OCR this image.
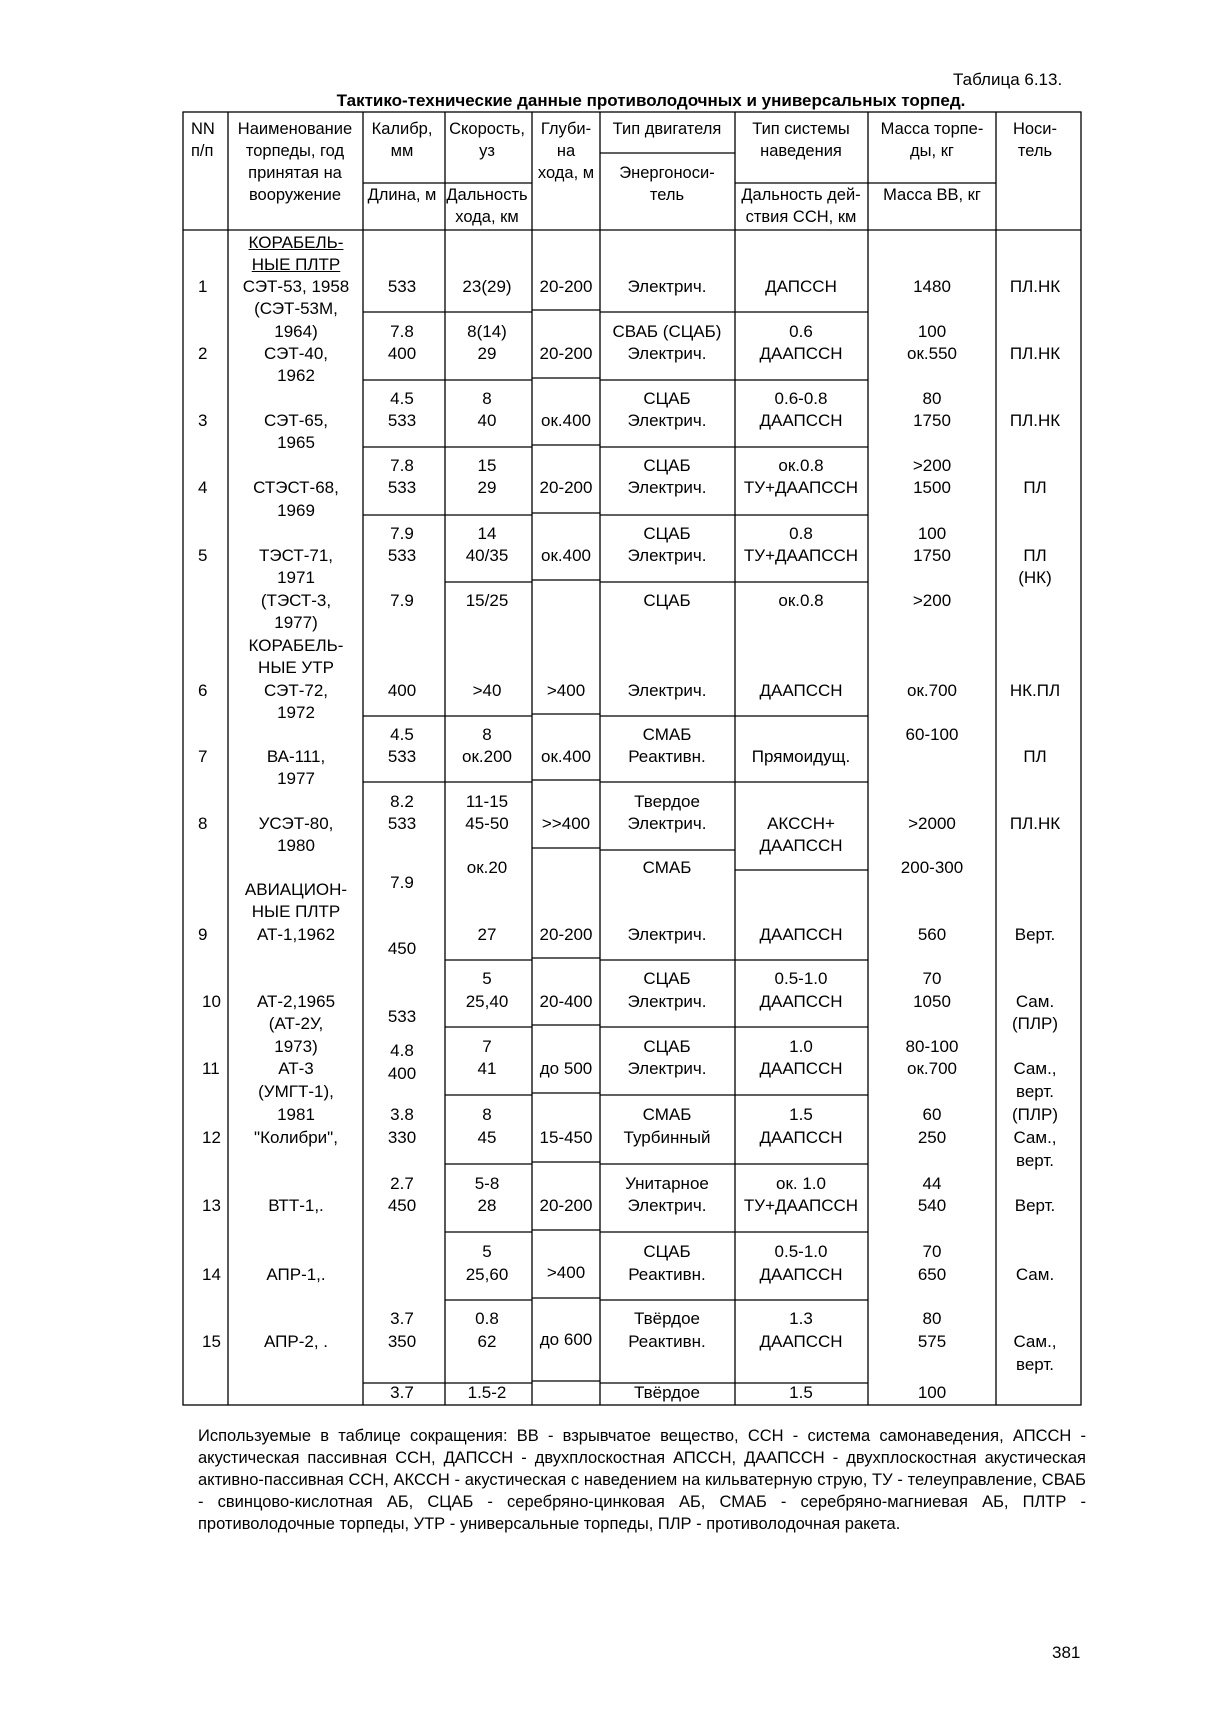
Таблица 6.13.
Тактико-технические данные противолодочных и универсальных торпед.
NN
п/п
Наименование
торпеды, год
принятая на
вооружение
Калибр,
мм
Длина, м
Скорость,
уз
Дальность
хода, км
Глуби-
на
хода, м
Тип двигателя
Энергоноси-
тель
Тип системы
наведения
Дальность дей-
ствия ССН, км
Масса торпе-
ды, кг
Масса ВВ, кг
Носи-
тель
1
2
3
4
5
6
7
8
9
10
11
12
13
14
15
КОРАБЕЛЬ-
НЫЕ ПЛТР
СЭТ-53, 1958
(СЭТ-53М,
1964)
СЭТ-40,
1962
СЭТ-65,
1965
СТЭСТ-68,
1969
ТЭСТ-71,
1971
(ТЭСТ-3,
1977)
КОРАБЕЛЬ-
НЫЕ УТР
СЭТ-72,
1972
ВА-111,
1977
УСЭТ-80,
1980
АВИАЦИОН-
НЫЕ ПЛТР
АТ-1,1962
АТ-2,1965
(АТ-2У,
1973)
АТ-3
(УМГТ-1),
1981
"Колибри",
ВТТ-1,.
АПР-1,.
АПР-2, .
533
7.8
400
4.5
533
7.8
533
7.9
533
7.9
400
4.5
533
8.2
533
7.9
450
533
4.8
400
3.8
330
2.7
450
3.7
350
3.7
23(29)
8(14)
29
8
40
15
29
14
40/35
15/25
>40
8
ок.200
11-15
45-50
ок.20
27
5
25,40
7
41
8
45
5-8
28
5
25,60
0.8
62
1.5-2
20-200
20-200
ок.400
20-200
ок.400
>400
ок.400
>>400
20-200
20-400
до 500
15-450
20-200
>400
до 600
Электрич.
СВАБ (СЦАБ)
Электрич.
СЦАБ
Электрич.
СЦАБ
Электрич.
СЦАБ
Электрич.
СЦАБ
Электрич.
СМАБ
Реактивн.
Твердое
Электрич.
СМАБ
Электрич.
СЦАБ
Электрич.
СЦАБ
Электрич.
СМАБ
Турбинный
Унитарное
Электрич.
СЦАБ
Реактивн.
Твёрдое
Реактивн.
Твёрдое
ДАПССН
0.6
ДААПССН
0.6-0.8
ДААПССН
ок.0.8
ТУ+ДААПССН
0.8
ТУ+ДААПССН
ок.0.8
ДААПССН
Прямоидущ.
АКССН+
ДААПССН
ДААПССН
0.5-1.0
ДААПССН
1.0
ДААПССН
1.5
ДААПССН
ок. 1.0
ТУ+ДААПССН
0.5-1.0
ДААПССН
1.3
ДААПССН
1.5
1480
100
ок.550
80
1750
>200
1500
100
1750
>200
ок.700
60-100
>2000
200-300
560
70
1050
80-100
ок.700
60
250
44
540
70
650
80
575
100
ПЛ.НК
ПЛ.НК
ПЛ.НК
ПЛ
ПЛ
(НК)
НК.ПЛ
ПЛ
ПЛ.НК
Верт.
Сам.
(ПЛР)
Сам.,
верт.
(ПЛР)
Сам.,
верт.
Верт.
Сам.
Сам.,
верт.

Используемые в таблице сокращения: ВВ - взрывчатое вещество, ССН - система самонаведения, АПССН - акустическая пассивная ССН, ДАПССН - двухплоскостная АПССН, ДААПССН - двухплоскостная акустическая активно-пассивная ССН, АКССН - акустическая с наведением на кильватерную струю, ТУ - телеуправление, СВАБ - свинцово-кислотная АБ, СЦАБ - серебряно-цинковая АБ, СМАБ - серебряно-магниевая АБ, ПЛТР - противолодочные торпеды, УТР - универсальные торпеды, ПЛР - противолодочная ракета.

381
